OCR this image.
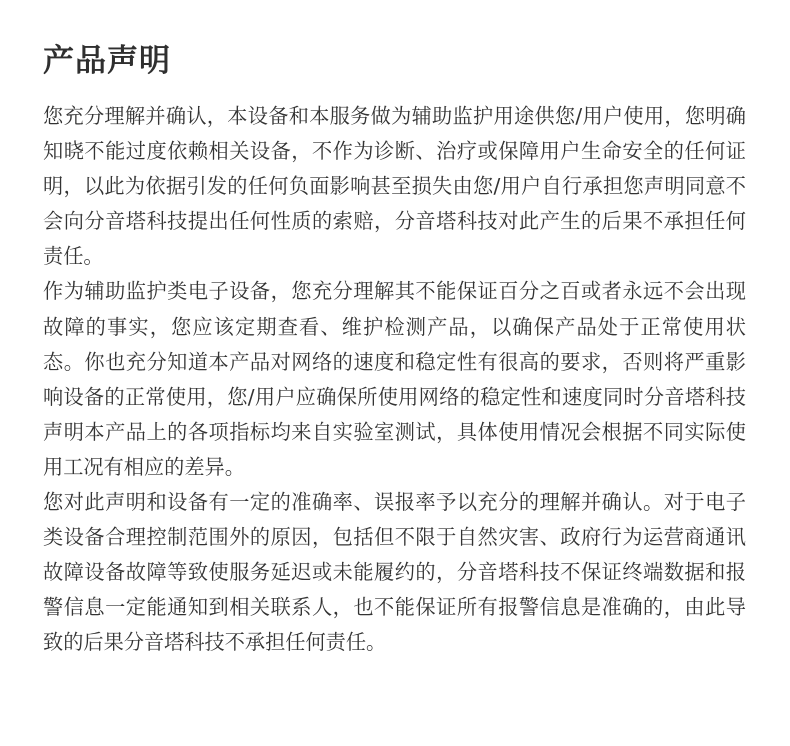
产品声明

您充分理解并确认，本设备和本服务做为辅助监护用途供您/用户使用，您明确知晓不能过度依赖相关设备，不作为诊断、治疗或保障用户生命安全的任何证明，以此为依据引发的任何负面影响甚至损失由您/用户自行承担您声明同意不会向分音塔科技提出任何性质的索赔，分音塔科技对此产生的后果不承担任何责任。

作为辅助监护类电子设备，您充分理解其不能保证百分之百或者永远不会出现故障的事实，您应该定期查看、维护检测产品，以确保产品处于正常使用状态。你也充分知道本产品对网络的速度和稳定性有很高的要求，否则将严重影响设备的正常使用，您/用户应确保所使用网络的稳定性和速度同时分音塔科技声明本产品上的各项指标均来自实验室测试，具体使用情况会根据不同实际使用工况有相应的差异。

您对此声明和设备有一定的准确率、误报率予以充分的理解并确认。对于电子类设备合理控制范围外的原因，包括但不限于自然灾害、政府行为运营商通讯故障设备故障等致使服务延迟或未能履约的，分音塔科技不保证终端数据和报警信息一定能通知到相关联系人，也不能保证所有报警信息是准确的，由此导致的后果分音塔科技不承担任何责任。
